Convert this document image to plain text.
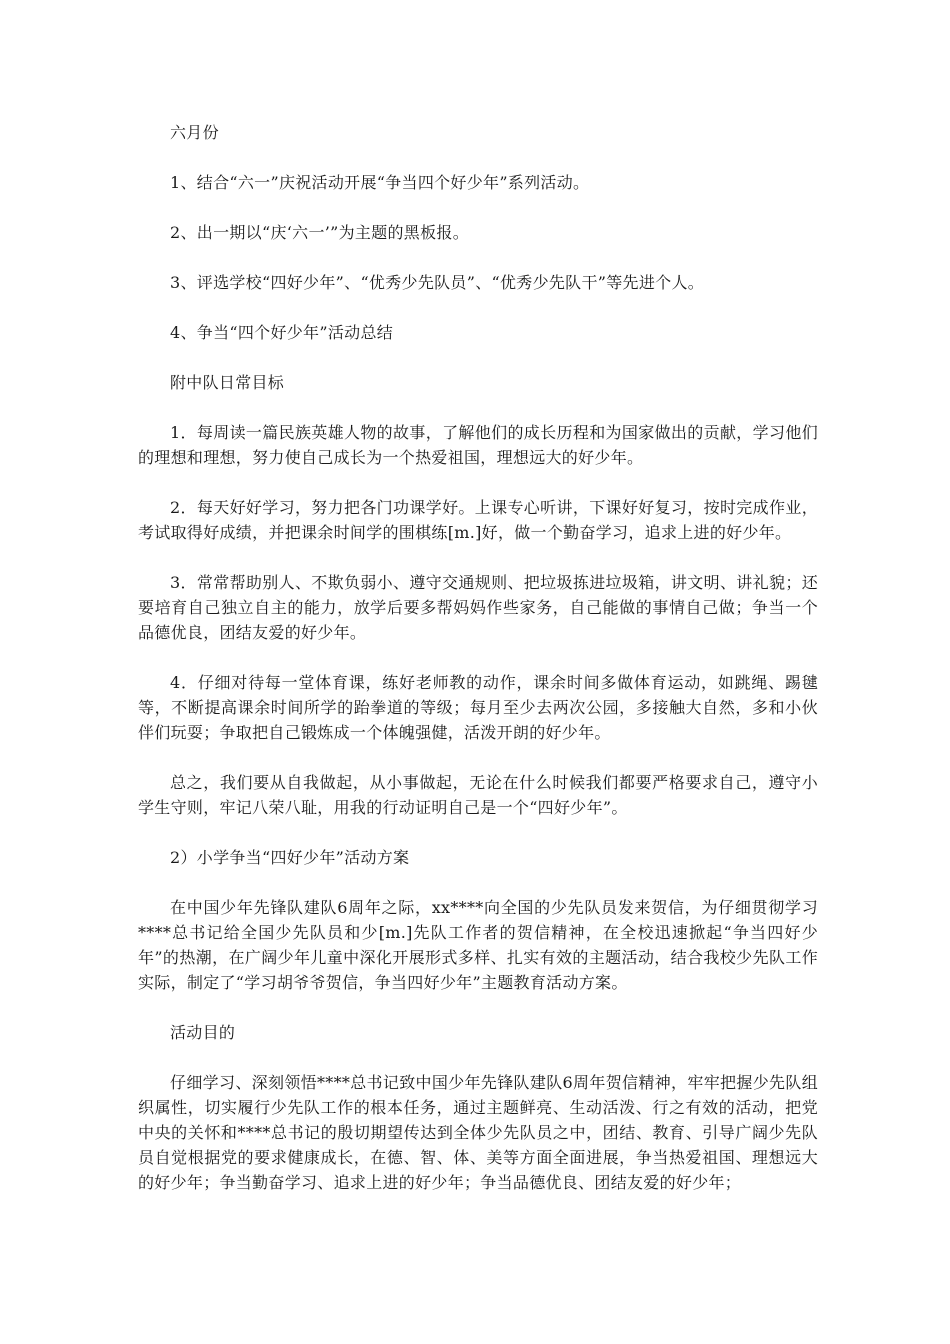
六月份

1、结合“六一”庆祝活动开展“争当四个好少年”系列活动。

2、出一期以“庆‘六一’”为主题的黑板报。

3、评选学校“四好少年”、“优秀少先队员”、“优秀少先队干”等先进个人。

4、争当“四个好少年”活动总结

附中队日常目标

1．每周读一篇民族英雄人物的故事，了解他们的成长历程和为国家做出的贡献，学习他们的理想和理想，努力使自己成长为一个热爱祖国，理想远大的好少年。

2．每天好好学习，努力把各门功课学好。上课专心听讲，下课好好复习，按时完成作业，考试取得好成绩，并把课余时间学的围棋练[m.]好，做一个勤奋学习，追求上进的好少年。

3．常常帮助别人、不欺负弱小、遵守交通规则、把垃圾拣进垃圾箱，讲文明、讲礼貌；还要培育自己独立自主的能力，放学后要多帮妈妈作些家务，自己能做的事情自己做；争当一个品德优良，团结友爱的好少年。

4．仔细对待每一堂体育课，练好老师教的动作，课余时间多做体育运动，如跳绳、踢毽等，不断提高课余时间所学的跆拳道的等级；每月至少去两次公园，多接触大自然，多和小伙伴们玩耍；争取把自己锻炼成一个体魄强健，活泼开朗的好少年。

总之，我们要从自我做起，从小事做起，无论在什么时候我们都要严格要求自己，遵守小学生守则，牢记八荣八耻，用我的行动证明自己是一个“四好少年”。

2）小学争当“四好少年”活动方案

在中国少年先锋队建队6周年之际，xx****向全国的少先队员发来贺信，为仔细贯彻学习****总书记给全国少先队员和少[m.]先队工作者的贺信精神，在全校迅速掀起“争当四好少年”的热潮，在广阔少年儿童中深化开展形式多样、扎实有效的主题活动，结合我校少先队工作实际，制定了“学习胡爷爷贺信，争当四好少年”主题教育活动方案。

活动目的

仔细学习、深刻领悟****总书记致中国少年先锋队建队6周年贺信精神，牢牢把握少先队组织属性，切实履行少先队工作的根本任务，通过主题鲜亮、生动活泼、行之有效的活动，把党中央的关怀和****总书记的殷切期望传达到全体少先队员之中，团结、教育、引导广阔少先队员自觉根据党的要求健康成长，在德、智、体、美等方面全面进展，争当热爱祖国、理想远大的好少年；争当勤奋学习、追求上进的好少年；争当品德优良、团结友爱的好少年；
